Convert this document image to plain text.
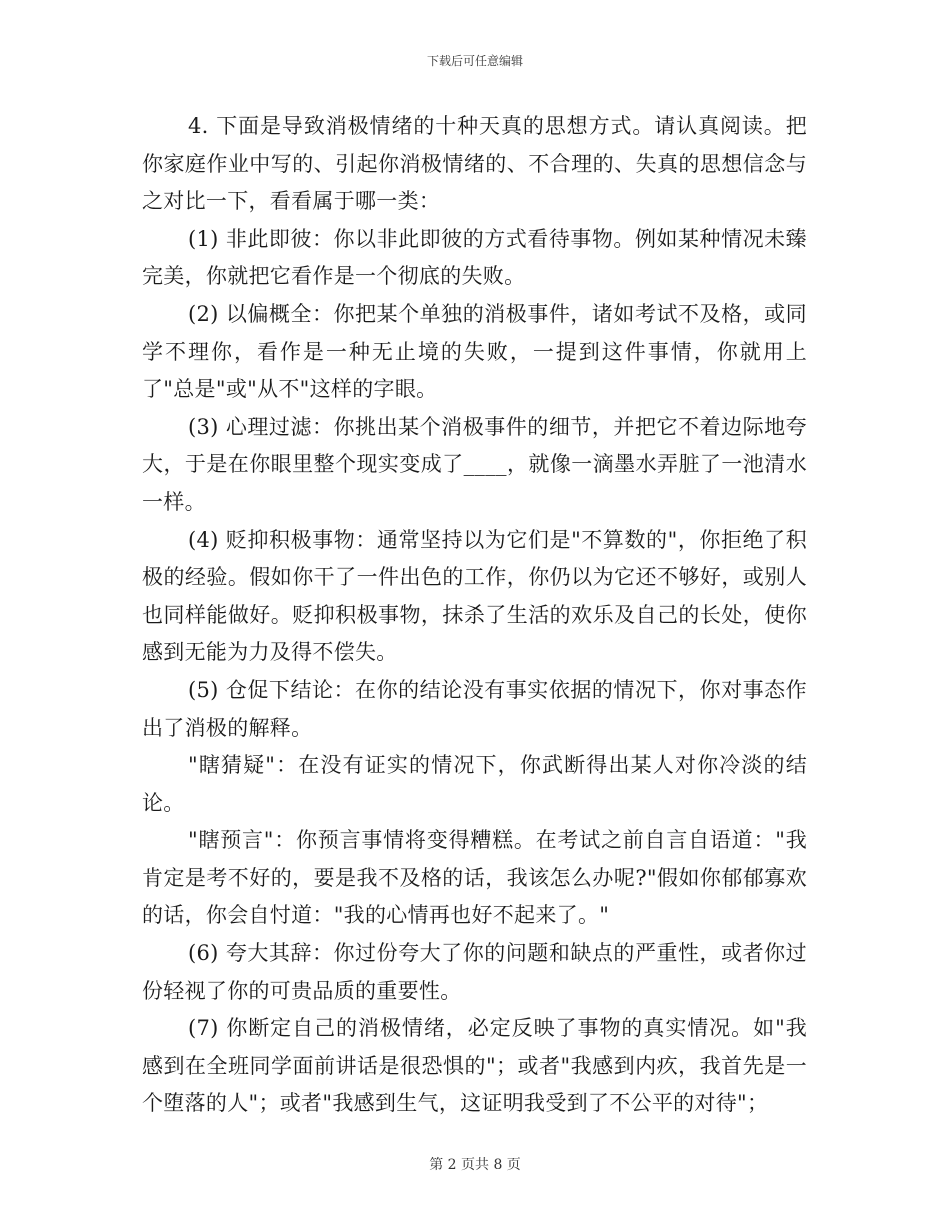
下载后可任意编辑

4. 下面是导致消极情绪的十种天真的思想方式。请认真阅读。把你家庭作业中写的、引起你消极情绪的、不合理的、失真的思想信念与之对比一下，看看属于哪一类：

(1) 非此即彼：你以非此即彼的方式看待事物。例如某种情况未臻完美，你就把它看作是一个彻底的失败。

(2) 以偏概全：你把某个单独的消极事件，诸如考试不及格，或同学不理你，看作是一种无止境的失败，一提到这件事情，你就用上了"总是"或"从不"这样的字眼。

(3) 心理过滤：你挑出某个消极事件的细节，并把它不着边际地夸大，于是在你眼里整个现实变成了____，就像一滴墨水弄脏了一池清水一样。

(4) 贬抑积极事物：通常坚持以为它们是"不算数的"，你拒绝了积极的经验。假如你干了一件出色的工作，你仍以为它还不够好，或别人也同样能做好。贬抑积极事物，抹杀了生活的欢乐及自己的长处，使你感到无能为力及得不偿失。

(5) 仓促下结论：在你的结论没有事实依据的情况下，你对事态作出了消极的解释。

"瞎猜疑"：在没有证实的情况下，你武断得出某人对你冷淡的结论。

"瞎预言"：你预言事情将变得糟糕。在考试之前自言自语道："我肯定是考不好的，要是我不及格的话，我该怎么办呢?"假如你郁郁寡欢的话，你会自忖道："我的心情再也好不起来了。"

(6) 夸大其辞：你过份夸大了你的问题和缺点的严重性，或者你过份轻视了你的可贵品质的重要性。

(7) 你断定自己的消极情绪，必定反映了事物的真实情况。如"我感到在全班同学面前讲话是很恐惧的"；或者"我感到内疚，我首先是一个堕落的人"；或者"我感到生气，这证明我受到了不公平的对待"；

第 2 页共 8 页
